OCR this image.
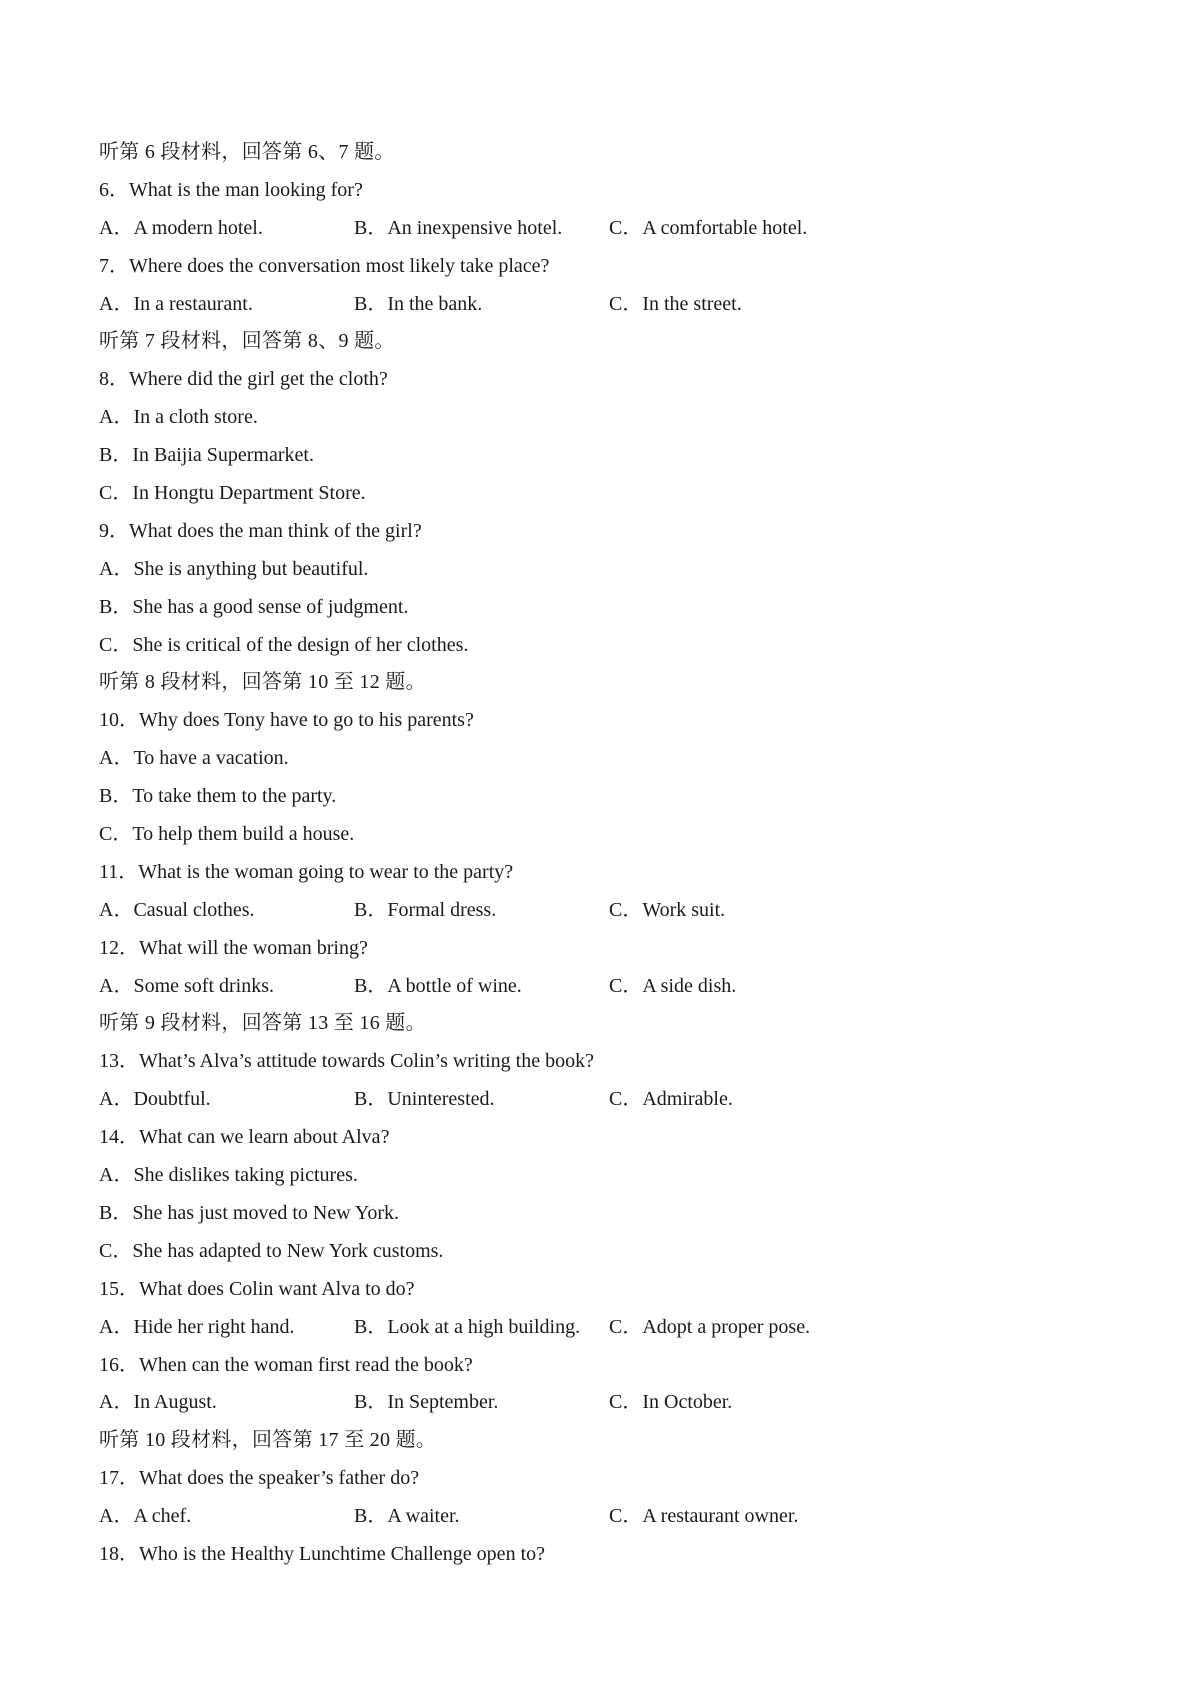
听第 6 段材料，回答第 6、7 题。
6．What is the man looking for?
A．A modern hotel.	B．An inexpensive hotel.	C．A comfortable hotel.
7．Where does the conversation most likely take place?
A．In a restaurant.	B．In the bank.	C．In the street.
听第 7 段材料，回答第 8、9 题。
8．Where did the girl get the cloth?
A．In a cloth store.
B．In Baijia Supermarket.
C．In Hongtu Department Store.
9．What does the man think of the girl?
A．She is anything but beautiful.
B．She has a good sense of judgment.
C．She is critical of the design of her clothes.
听第 8 段材料，回答第 10 至 12 题。
10．Why does Tony have to go to his parents?
A．To have a vacation.
B．To take them to the party.
C．To help them build a house.
11．What is the woman going to wear to the party?
A．Casual clothes.	B．Formal dress.	C．Work suit.
12．What will the woman bring?
A．Some soft drinks.	B．A bottle of wine.	C．A side dish.
听第 9 段材料，回答第 13 至 16 题。
13．What’s Alva’s attitude towards Colin’s writing the book?
A．Doubtful.	B．Uninterested.	C．Admirable.
14．What can we learn about Alva?
A．She dislikes taking pictures.
B．She has just moved to New York.
C．She has adapted to New York customs.
15．What does Colin want Alva to do?
A．Hide her right hand.	B．Look at a high building.	C．Adopt a proper pose.
16．When can the woman first read the book?
A．In August.	B．In September.	C．In October.
听第 10 段材料，回答第 17 至 20 题。
17．What does the speaker’s father do?
A．A chef.	B．A waiter.	C．A restaurant owner.
18．Who is the Healthy Lunchtime Challenge open to?
